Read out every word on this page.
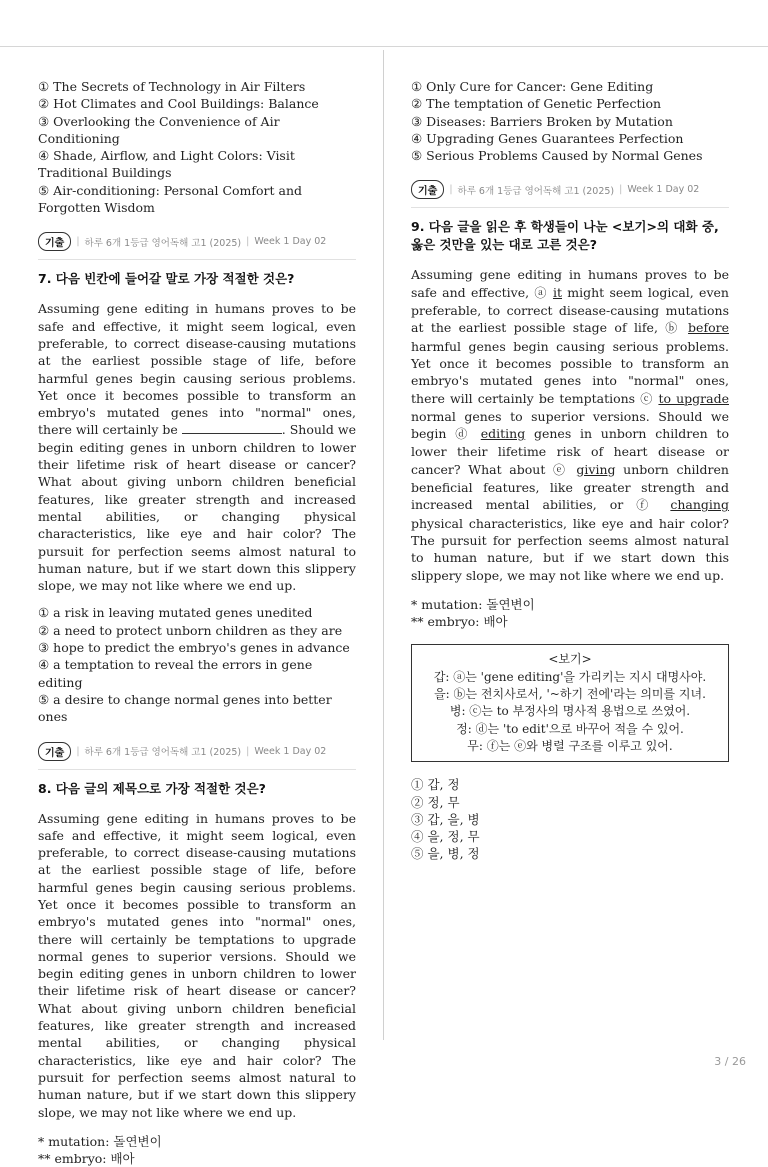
① The Secrets of Technology in Air Filters

② Hot Climates and Cool Buildings: Balance

③ Overlooking the Convenience of Air Conditioning

④ Shade, Airflow, and Light Colors: Visit Traditional Buildings

⑤ Air-conditioning: Personal Comfort and Forgotten Wisdom

기출	| 하루 6개 1등급 영어독해 고1 (2025) | Week 1 Day 02
7. 다음 빈칸에 들어갈 말로 가장 적절한 것은?
Assuming gene editing in humans proves to be safe and effective, it might seem logical, even preferable, to correct disease-causing mutations at the earliest possible stage of life, before harmful genes begin causing serious problems. Yet once it becomes possible to transform an embryo's mutated genes into "normal" ones, there will certainly be	. Should we begin editing genes in unborn children to lower their lifetime risk of heart disease or cancer? What about giving unborn children beneficial features, like greater strength and increased mental abilities, or changing physical characteristics, like eye and hair color? The pursuit for perfection seems almost natural to human nature, but if we start down this slippery slope, we may not like where we end up.

① a risk in leaving mutated genes unedited

② a need to protect unborn children as they are

③ hope to predict the embryo's genes in advance

④ a temptation to reveal the errors in gene editing

⑤ a desire to change normal genes into better ones

기출	| 하루 6개 1등급 영어독해 고1 (2025) | Week 1 Day 02
8. 다음 글의 제목으로 가장 적절한 것은?
Assuming gene editing in humans proves to be safe and effective, it might seem logical, even preferable, to correct disease-causing mutations at the earliest possible stage of life, before harmful genes begin causing serious problems. Yet once it becomes possible to transform an embryo's mutated genes into "normal" ones, there will certainly be temptations to upgrade normal genes to superior versions. Should we begin editing genes in unborn children to lower their lifetime risk of heart disease or cancer? What about giving unborn children beneficial features, like greater strength and increased mental abilities, or changing physical characteristics, like eye and hair color? The pursuit for perfection seems almost natural to human nature, but if we start down this slippery slope, we may not like where we end up.
* mutation: 돌연변이
** embryo: 배아

① Only Cure for Cancer: Gene Editing

② The temptation of Genetic Perfection

③ Diseases: Barriers Broken by Mutation

④ Upgrading Genes Guarantees Perfection

⑤ Serious Problems Caused by Normal Genes

기출	| 하루 6개 1등급 영어독해 고1 (2025) | Week 1 Day 02
9. 다음 글을 읽은 후 학생들이 나눈 <보기>의 대화 중, 옳은 것만을 있는 대로 고른 것은?
Assuming gene editing in humans proves to be safe and effective, ⓐ it might seem logical, even preferable, to correct disease-causing mutations at the earliest possible stage of life, ⓑ before harmful genes begin causing serious problems. Yet once it becomes possible to transform an embryo's mutated genes into "normal" ones, there will certainly be temptations ⓒ to upgrade normal genes to superior versions. Should we begin ⓓ editing genes in unborn children to lower their lifetime risk of heart disease or cancer? What about ⓔ giving unborn children beneficial features, like greater strength and increased mental abilities, or ⓕ changing physical characteristics, like eye and hair color? The pursuit for perfection seems almost natural to human nature, but if we start down this slippery slope, we may not like where we end up.
* mutation: 돌연변이
** embryo: 배아
<보기>
갑: ⓐ는 'gene editing'을 가리키는 지시 대명사야.
을: ⓑ는 전치사로서, '~하기 전에'라는 의미를 지녀.
병: ⓒ는 to 부정사의 명사적 용법으로 쓰였어.
정: ⓓ는 'to edit'으로 바꾸어 적을 수 있어.
무: ⓕ는 ⓔ와 병렬 구조를 이루고 있어.

① 갑, 정

② 정, 무

③ 갑, 을, 병

④ 을, 정, 무

⑤ 을, 병, 정

3 / 26
